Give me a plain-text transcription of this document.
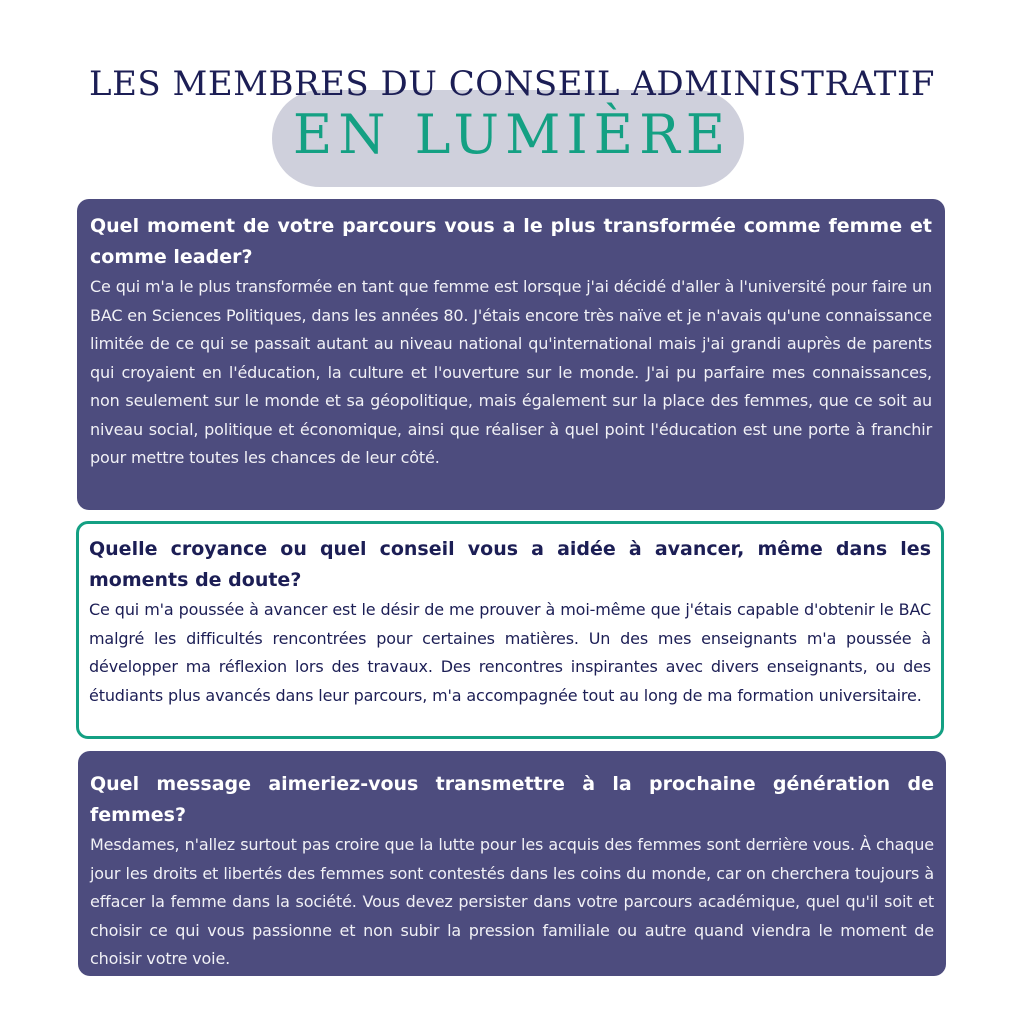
LES MEMBRES DU CONSEIL ADMINISTRATIF
EN LUMIÈRE

Quel moment de votre parcours vous a le plus transformée comme femme et comme leader?

Ce qui m'a le plus transformée en tant que femme est lorsque j'ai décidé d'aller à l'université pour faire un BAC en Sciences Politiques, dans les années 80. J'étais encore très naïve et je n'avais qu'une connaissance limitée de ce qui se passait autant au niveau national qu'international mais j'ai grandi auprès de parents qui croyaient en l'éducation, la culture et l'ouverture sur le monde. J'ai pu parfaire mes connaissances, non seulement sur le monde et sa géopolitique, mais également sur la place des femmes, que ce soit au niveau social, politique et économique, ainsi que réaliser à quel point l'éducation est une porte à franchir pour mettre toutes les chances de leur côté.

Quelle croyance ou quel conseil vous a aidée à avancer, même dans les moments de doute?

Ce qui m'a poussée à avancer est le désir de me prouver à moi-même que j'étais capable d'obtenir le BAC malgré les difficultés rencontrées pour certaines matières. Un des mes enseignants m'a poussée à développer ma réflexion lors des travaux. Des rencontres inspirantes avec divers enseignants, ou des étudiants plus avancés dans leur parcours, m'a accompagnée tout au long de ma formation universitaire.

Quel message aimeriez-vous transmettre à la prochaine génération de femmes?

Mesdames, n'allez surtout pas croire que la lutte pour les acquis des femmes sont derrière vous. À chaque jour les droits et libertés des femmes sont contestés dans les coins du monde, car on cherchera toujours à effacer la femme dans la société. Vous devez persister dans votre parcours académique, quel qu'il soit et choisir ce qui vous passionne et non subir la pression familiale ou autre quand viendra le moment de choisir votre voie.
